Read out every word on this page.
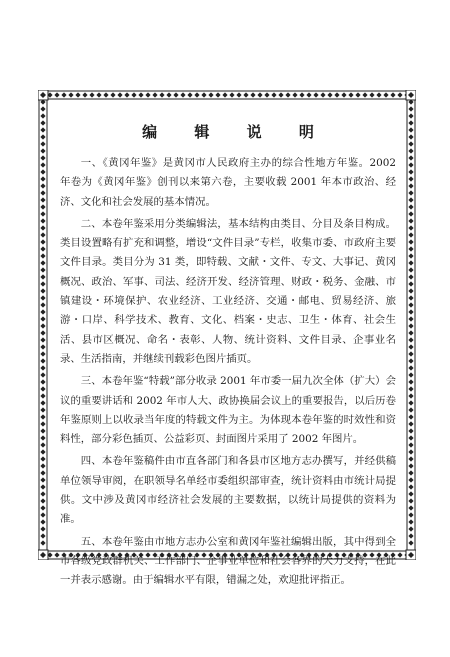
编 辑 说 明

一、《黄冈年鉴》是黄冈市人民政府主办的综合性地方年鉴。2002 年卷为《黄冈年鉴》创刊以来第六卷，主要收载 2001 年本市政治、经济、文化和社会发展的基本情况。

二、本卷年鉴采用分类编辑法，基本结构由类目、分目及条目构成。类目设置略有扩充和调整，增设“文件目录”专栏，收集市委、市政府主要文件目录。类目分为 31 类，即特载、文献・文件、专文、大事记、黄冈概况、政治、军事、司法、经济开发、经济管理、财政・税务、金融、市镇建设・环境保护、农业经济、工业经济、交通・邮电、贸易经济、旅游・口岸、科学技术、教育、文化、档案・史志、卫生・体育、社会生活、县市区概况、命名・表彰、人物、统计资料、文件目录、企事业名录、生活指南，并继续刊载彩色图片插页。

三、本卷年鉴“特载”部分收录 2001 年市委一届九次全体（扩大）会议的重要讲话和 2002 年市人大、政协换届会议上的重要报告，以后历卷年鉴原则上以收录当年度的特载文件为主。为体现本卷年鉴的时效性和资料性，部分彩色插页、公益彩页、封面图片采用了 2002 年图片。

四、本卷年鉴稿件由市直各部门和各县市区地方志办撰写，并经供稿单位领导审阅，在职领导名单经市委组织部审查，统计资料由市统计局提供。文中涉及黄冈市经济社会发展的主要数据，以统计局提供的资料为准。

五、本卷年鉴由市地方志办公室和黄冈年鉴社编辑出版，其中得到全市各级党政群机关、工作部门、企事业单位和社会各界的大力支持，在此一并表示感谢。由于编辑水平有限，错漏之处，欢迎批评指正。
